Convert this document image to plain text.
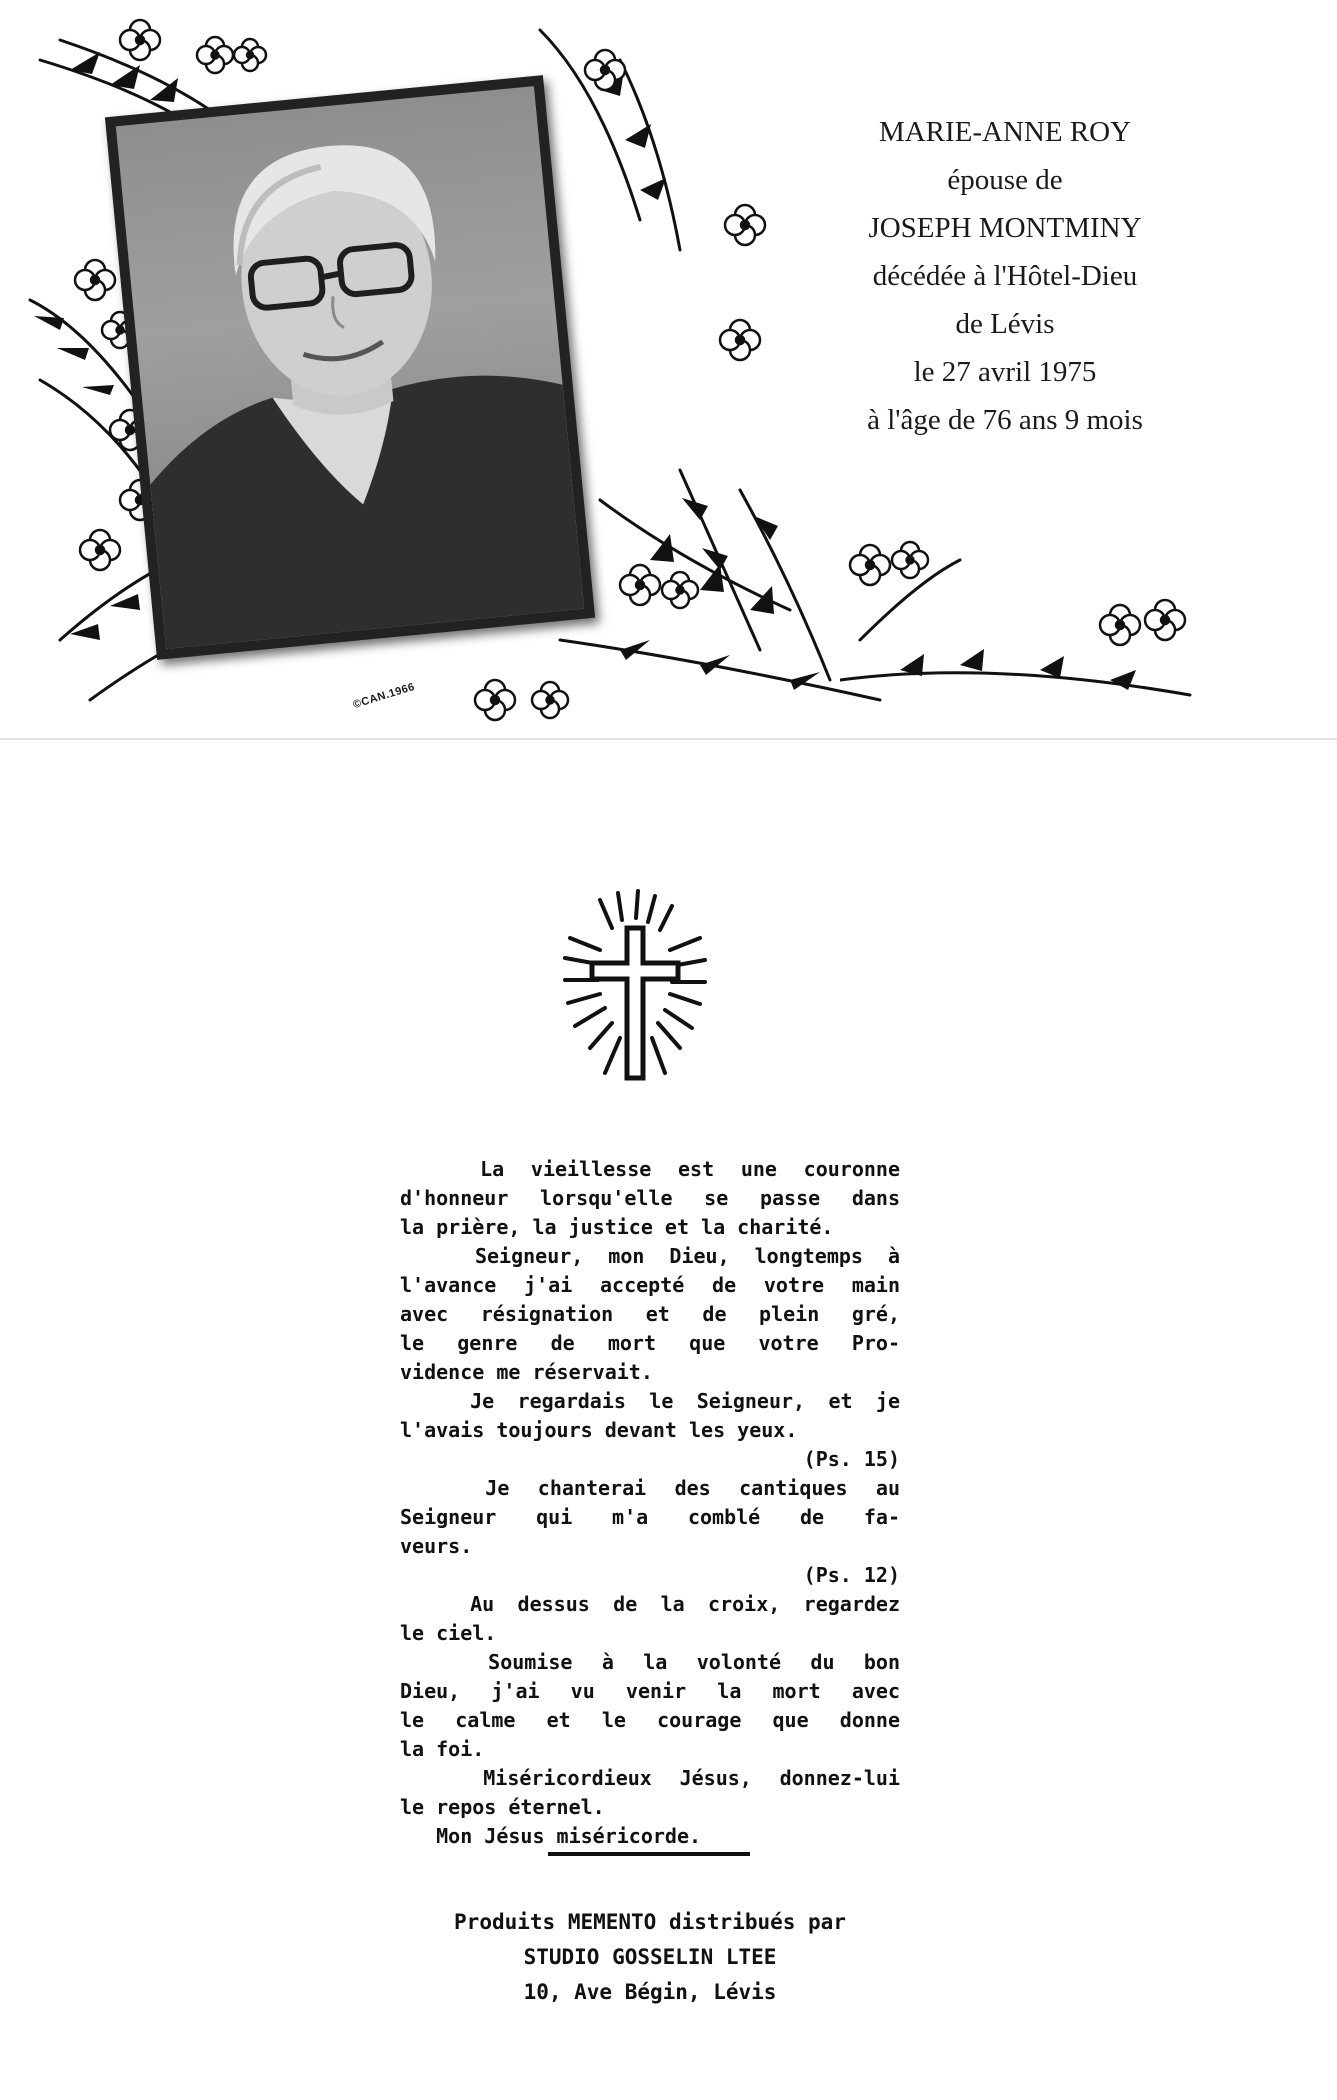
©CAN.1966
MARIE-ANNE ROY
épouse de
JOSEPH MONTMINY
décédée à l'Hôtel-Dieu
de Lévis
le 27 avril 1975
à l'âge de 76 ans 9 mois
La vieillesse est une couronne
d'honneur lorsqu'elle se passe dans
la prière, la justice et la charité.
Seigneur, mon Dieu, longtemps à
l'avance j'ai accepté de votre main
avec résignation et de plein gré,
le genre de mort que votre Pro-
vidence me réservait.
Je regardais le Seigneur, et je
l'avais toujours devant les yeux.
(Ps. 15)
Je chanterai des cantiques au
Seigneur qui m'a comblé de fa-
veurs.
(Ps. 12)
Au dessus de la croix, regardez
le ciel.
Soumise à la volonté du bon
Dieu, j'ai vu venir la mort avec
le calme et le courage que donne
la foi.
Miséricordieux Jésus, donnez-lui
le repos éternel.
Mon Jésus miséricorde.
Produits MEMENTO distribués par
STUDIO GOSSELIN LTEE
10, Ave Bégin, Lévis
